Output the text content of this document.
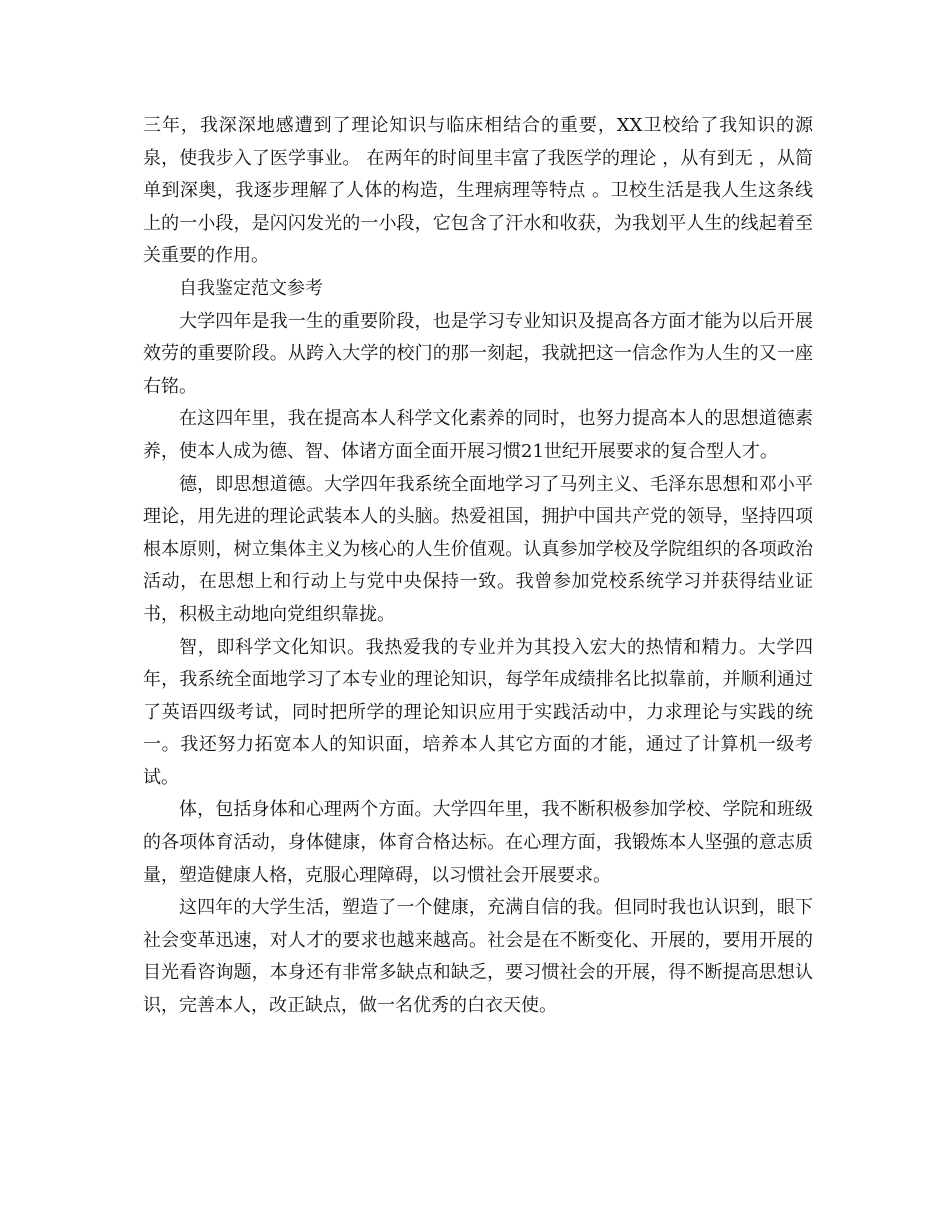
三年，我深深地感遭到了理论知识与临床相结合的重要，XX卫校给了我知识的源泉，使我步入了医学事业。 在两年的时间里丰富了我医学的理论 ，从有到无 ，从简单到深奥，我逐步理解了人体的构造，生理病理等特点 。卫校生活是我人生这条线上的一小段，是闪闪发光的一小段，它包含了汗水和收获，为我划平人生的线起着至关重要的作用。

自我鉴定范文参考

大学四年是我一生的重要阶段，也是学习专业知识及提高各方面才能为以后开展效劳的重要阶段。从跨入大学的校门的那一刻起，我就把这一信念作为人生的又一座右铭。

在这四年里，我在提高本人科学文化素养的同时，也努力提高本人的思想道德素养，使本人成为德、智、体诸方面全面开展习惯21世纪开展要求的复合型人才。

德，即思想道德。大学四年我系统全面地学习了马列主义、毛泽东思想和邓小平理论，用先进的理论武装本人的头脑。热爱祖国，拥护中国共产党的领导，坚持四项根本原则，树立集体主义为核心的人生价值观。认真参加学校及学院组织的各项政治活动，在思想上和行动上与党中央保持一致。我曾参加党校系统学习并获得结业证书，积极主动地向党组织靠拢。

智，即科学文化知识。我热爱我的专业并为其投入宏大的热情和精力。大学四年，我系统全面地学习了本专业的理论知识，每学年成绩排名比拟靠前，并顺利通过了英语四级考试，同时把所学的理论知识应用于实践活动中，力求理论与实践的统一。我还努力拓宽本人的知识面，培养本人其它方面的才能，通过了计算机一级考试。

体，包括身体和心理两个方面。大学四年里，我不断积极参加学校、学院和班级的各项体育活动，身体健康，体育合格达标。在心理方面，我锻炼本人坚强的意志质量，塑造健康人格，克服心理障碍，以习惯社会开展要求。

这四年的大学生活，塑造了一个健康，充满自信的我。但同时我也认识到，眼下社会变革迅速，对人才的要求也越来越高。社会是在不断变化、开展的，要用开展的目光看咨询题，本身还有非常多缺点和缺乏，要习惯社会的开展，得不断提高思想认识，完善本人，改正缺点，做一名优秀的白衣天使。
